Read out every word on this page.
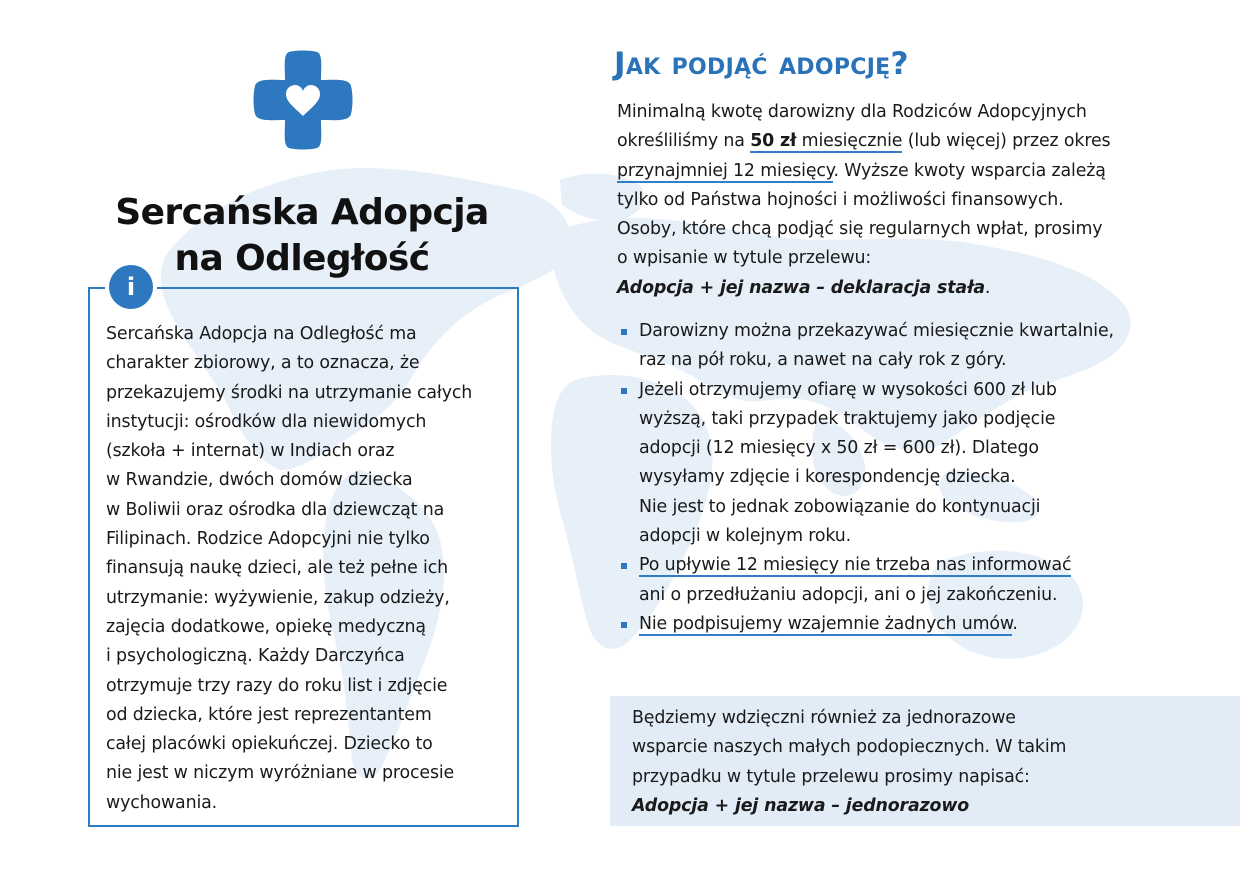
Sercańska Adopcja
na Odległość
i
Sercańska Adopcja na Odległość ma
charakter zbiorowy, a to oznacza, że
przekazujemy środki na utrzymanie całych
instytucji: ośrodków dla niewidomych
(szkoła + internat) w Indiach oraz
w Rwandzie, dwóch domów dziecka
w Boliwii oraz ośrodka dla dziewcząt na
Filipinach. Rodzice Adopcyjni nie tylko
finansują naukę dzieci, ale też pełne ich
utrzymanie: wyżywienie, zakup odzieży,
zajęcia dodatkowe, opiekę medyczną
i psychologiczną. Każdy Darczyńca
otrzymuje trzy razy do roku list i zdjęcie
od dziecka, które jest reprezentantem
całej placówki opiekuńczej. Dziecko to
nie jest w niczym wyróżniane w procesie
wychowania.
Jak podjąć adopcję?
Minimalną kwotę darowizny dla Rodziców Adopcyjnych
określiliśmy na 50 zł miesięcznie (lub więcej) przez okres
przynajmniej 12 miesięcy. Wyższe kwoty wsparcia zależą
tylko od Państwa hojności i możliwości finansowych.
Osoby, które chcą podjąć się regularnych wpłat, prosimy
o wpisanie w tytule przelewu:
Adopcja + jej nazwa – deklaracja stała.
Darowizny można przekazywać miesięcznie kwartalnie,
raz na pół roku, a nawet na cały rok z góry.
Jeżeli otrzymujemy ofiarę w wysokości 600 zł lub
wyższą, taki przypadek traktujemy jako podjęcie
adopcji (12 miesięcy x 50 zł = 600 zł). Dlatego
wysyłamy zdjęcie i korespondencję dziecka.
Nie jest to jednak zobowiązanie do kontynuacji
adopcji w kolejnym roku.
Po upływie 12 miesięcy nie trzeba nas informować
ani o przedłużaniu adopcji, ani o jej zakończeniu.
Nie podpisujemy wzajemnie żadnych umów.
Będziemy wdzięczni również za jednorazowe
wsparcie naszych małych podopiecznych. W takim
przypadku w tytule przelewu prosimy napisać:
Adopcja + jej nazwa – jednorazowo
